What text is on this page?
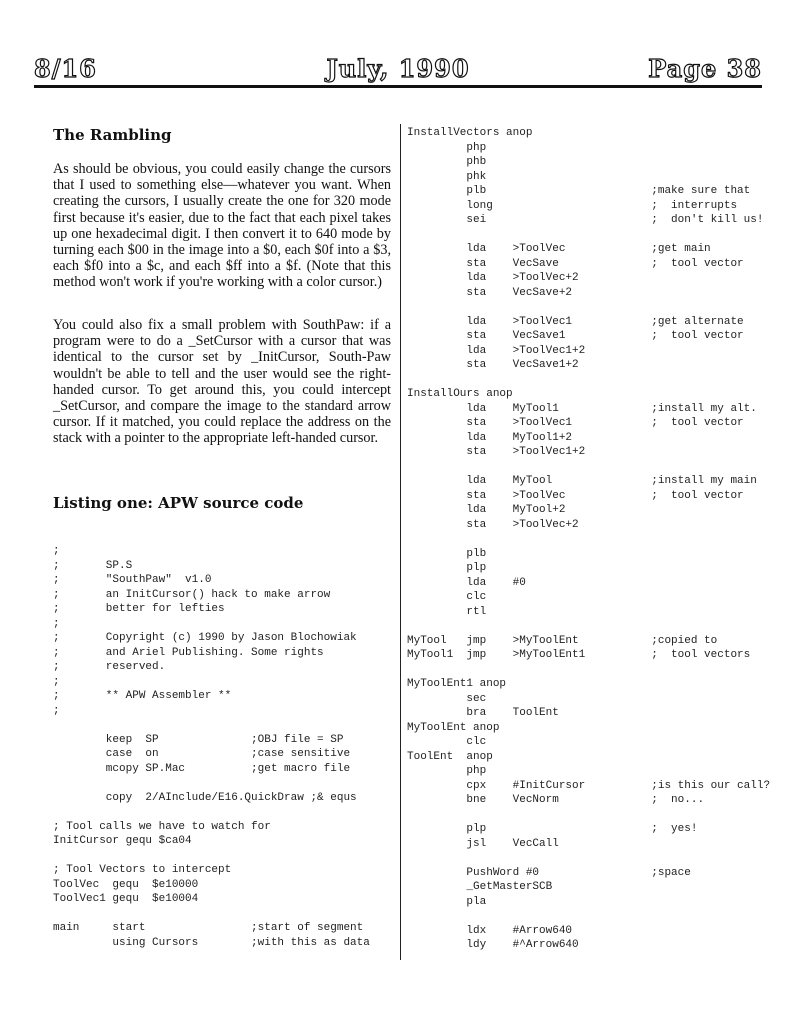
8/16	July, 1990	Page 38
The Rambling

As should be obvious, you could easily change the cursors that I used to something else—whatever you want. When creating the cursors, I usually create the one for 320 mode first because it's easier, due to the fact that each pixel takes up one hexadecimal digit. I then convert it to 640 mode by turning each $00 in the image into a $0, each $0f into a $3, each $f0 into a $c, and each $ff into a $f. (Note that this method won't work if you're working with a color cursor.)

You could also fix a small problem with SouthPaw: if a program were to do a _SetCursor with a cursor that was identical to the cursor set by _InitCursor, South-Paw wouldn't be able to tell and the user would see the right-handed cursor. To get around this, you could intercept _SetCursor, and compare the image to the standard arrow cursor. If it matched, you could replace the address on the stack with a pointer to the appropriate left-handed cursor.

Listing one: APW source code
;
;       SP.S
;       "SouthPaw"  v1.0
;       an InitCursor() hack to make arrow
;       better for lefties
;
;       Copyright (c) 1990 by Jason Blochowiak
;       and Ariel Publishing. Some rights
;       reserved.
;
;       ** APW Assembler **
;

keep  SP              ;OBJ file = SP
case  on              ;case sensitive
mcopy SP.Mac          ;get macro file

copy  2/AInclude/E16.QuickDraw ;& equs

; Tool calls we have to watch for
InitCursor gequ $ca04

; Tool Vectors to intercept
ToolVec  gequ  $e10000
ToolVec1 gequ  $e10004

main     start                ;start of segment
using Cursors        ;with this as data
InstallVectors anop
php
phb
phk
plb                         ;make sure that
long                        ;  interrupts
sei                         ;  don't kill us!

lda    >ToolVec             ;get main
sta    VecSave              ;  tool vector
lda    >ToolVec+2
sta    VecSave+2

lda    >ToolVec1            ;get alternate
sta    VecSave1             ;  tool vector
lda    >ToolVec1+2
sta    VecSave1+2

InstallOurs anop
lda    MyTool1              ;install my alt.
sta    >ToolVec1            ;  tool vector
lda    MyTool1+2
sta    >ToolVec1+2

lda    MyTool               ;install my main
sta    >ToolVec             ;  tool vector
lda    MyTool+2
sta    >ToolVec+2

plb
plp
lda    #0
clc
rtl

MyTool   jmp    >MyToolEnt           ;copied to
MyTool1  jmp    >MyToolEnt1          ;  tool vectors

MyToolEnt1 anop
sec
bra    ToolEnt
MyToolEnt anop
clc
ToolEnt  anop
php
cpx    #InitCursor          ;is this our call?
bne    VecNorm              ;  no...

plp                         ;  yes!
jsl    VecCall

PushWord #0                 ;space
_GetMasterSCB
pla

ldx    #Arrow640
ldy    #^Arrow640
